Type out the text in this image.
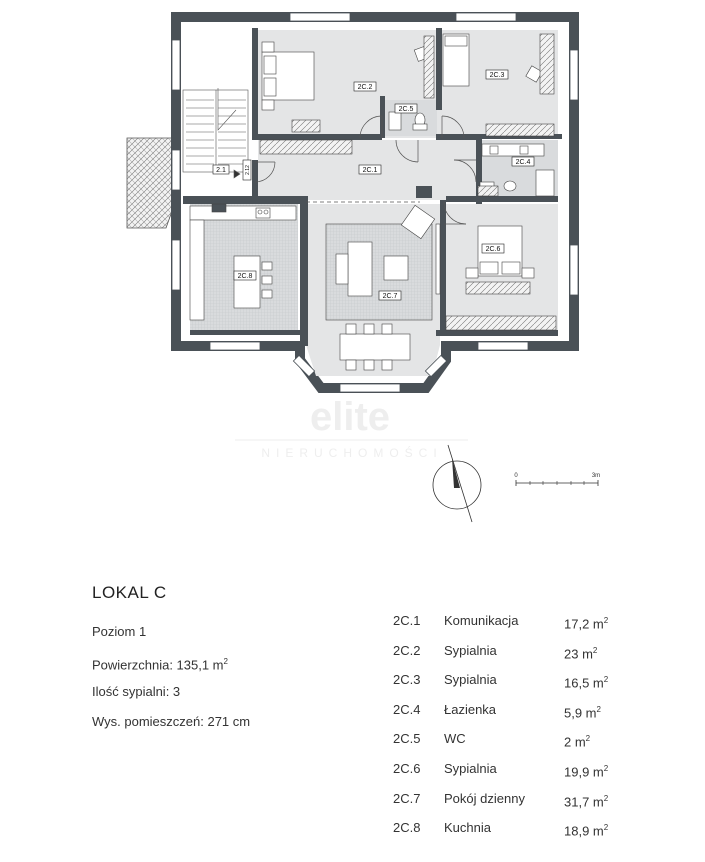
elite
NIERUCHOMOŚCI
2C.1
2C.2
2C.3
2C.4
2C.5
2C.6
2C.7
2C.8
2.1	2.12
0	3m
LOKAL C
Poziom 1
Powierzchnia: 135,1 $m^2$
Ilość sypialni: 3
Wys. pomieszczeń: 271 cm
2C.1	Komunikacja	17,2 $m^2$
2C.2	Sypialnia	23 $m^2$
2C.3	Sypialnia	16,5 $m^2$
2C.4	Łazienka	5,9 $m^2$
2C.5	WC	2 $m^2$
2C.6	Sypialnia	19,9 $m^2$
2C.7	Pokój dzienny	31,7 $m^2$
2C.8	Kuchnia	18,9 $m^2$
